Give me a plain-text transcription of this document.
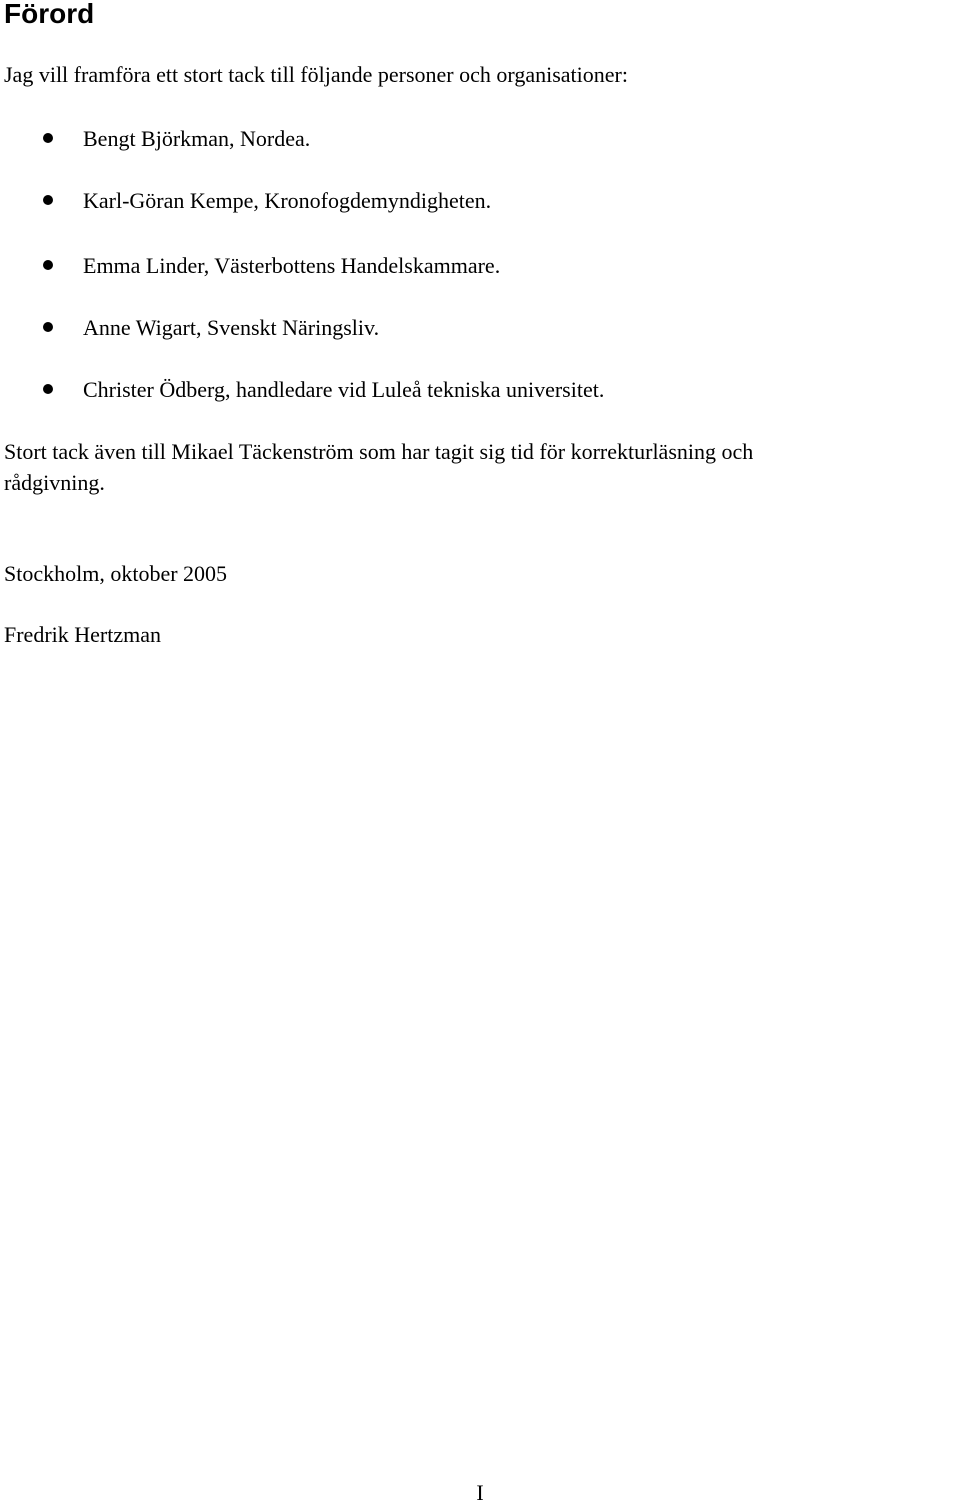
Förord

Jag vill framföra ett stort tack till följande personer och organisationer:

Bengt Björkman, Nordea.
Karl-Göran Kempe, Kronofogdemyndigheten.
Emma Linder, Västerbottens Handelskammare.
Anne Wigart, Svenskt Näringsliv.
Christer Ödberg, handledare vid Luleå tekniska universitet.

Stort tack även till Mikael Täckenström som har tagit sig tid för korrekturläsning och

rådgivning.

Stockholm, oktober 2005

Fredrik Hertzman

I
